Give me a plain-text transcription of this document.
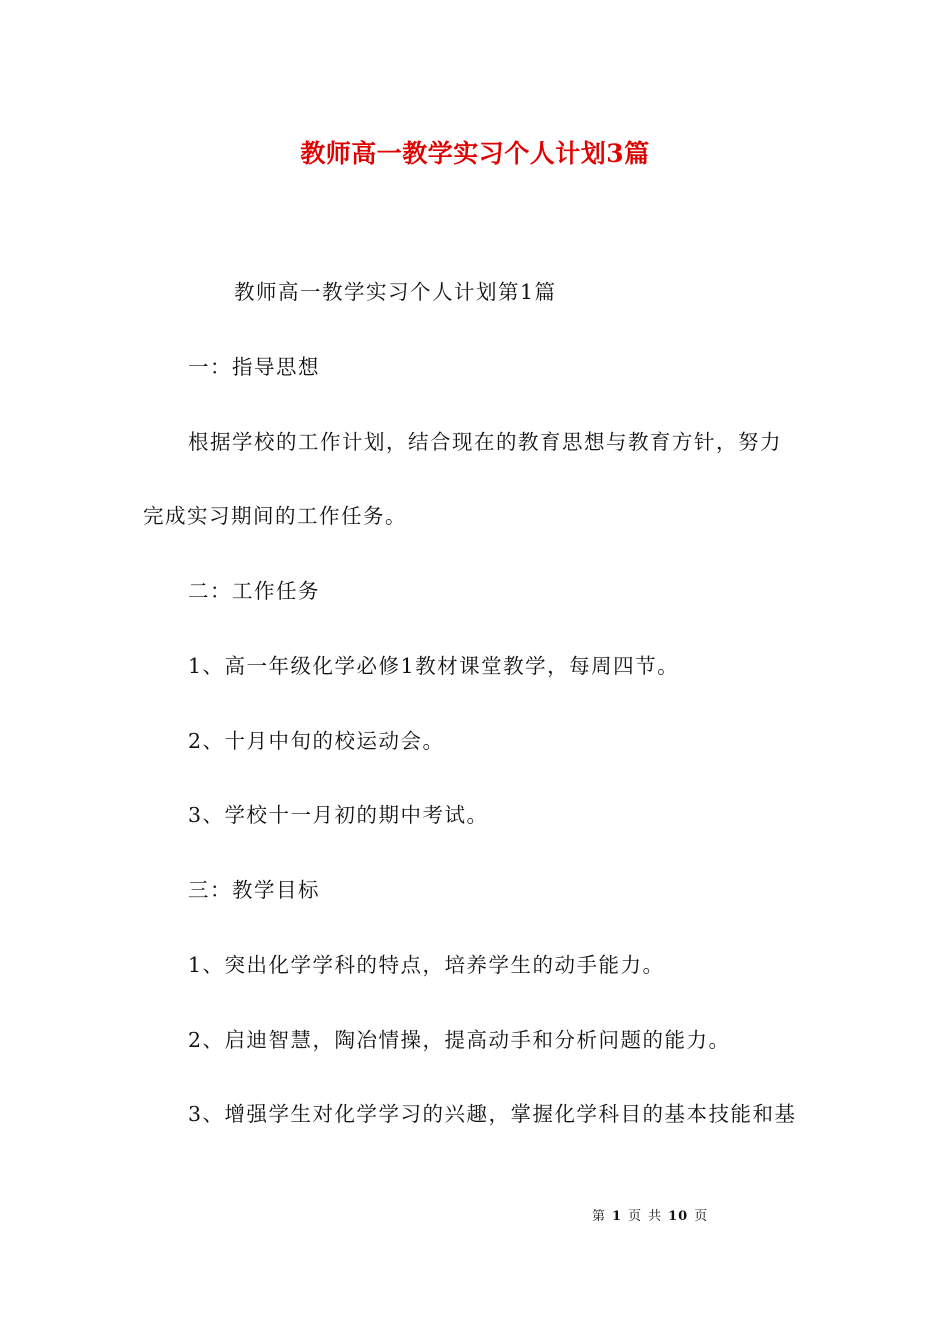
教师高一教学实习个人计划3篇
教师高一教学实习个人计划第1篇
一：指导思想
根据学校的工作计划，结合现在的教育思想与教育方针，努力
完成实习期间的工作任务。
二：工作任务
1、高一年级化学必修1教材课堂教学，每周四节。
2、十月中旬的校运动会。
3、学校十一月初的期中考试。
三：教学目标
1、突出化学学科的特点，培养学生的动手能力。
2、启迪智慧，陶冶情操，提高动手和分析问题的能力。
3、增强学生对化学学习的兴趣，掌握化学科目的基本技能和基
第 1 页 共 10 页
